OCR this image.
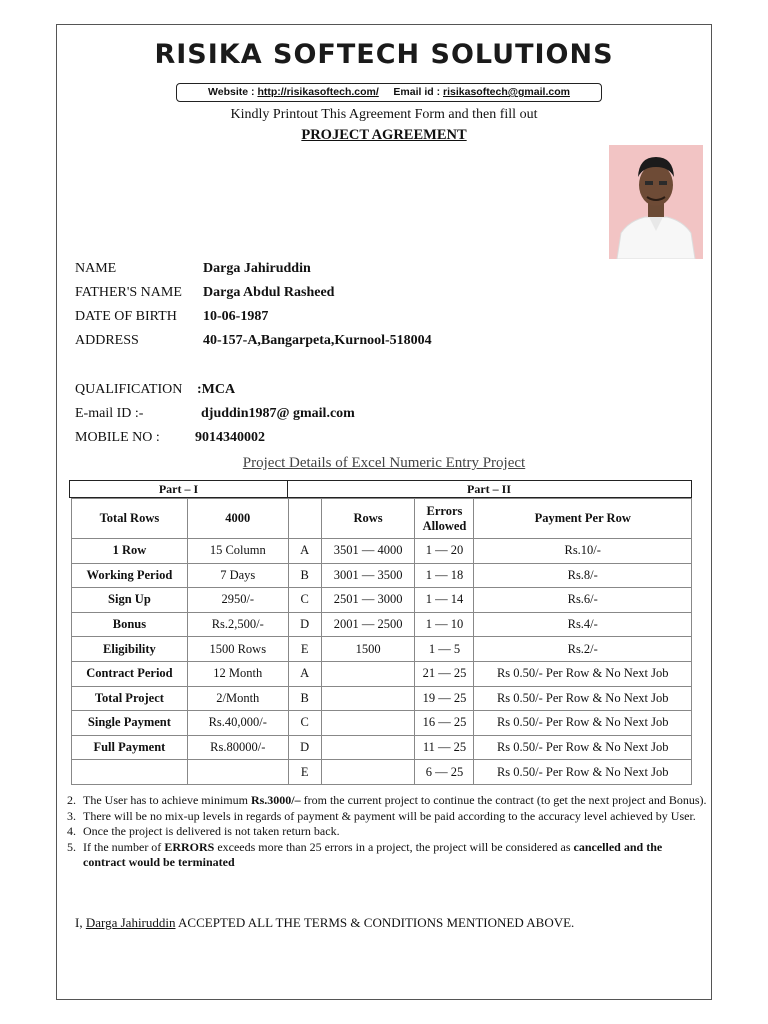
RISIKA SOFTECH SOLUTIONS
Website : http://risikasoftech.com/ Email id : risikasoftech@gmail.com
Kindly Printout This Agreement Form and then fill out
PROJECT AGREEMENT
NAME	Darga Jahiruddin
FATHER'S NAME Darga Abdul Rasheed
DATE OF BIRTH 10-06-1987
ADDRESS	40-157-A,Bangarpeta,Kurnool-518004
QUALIFICATION :MCA
E-mail ID :-	djuddin1987@ gmail.com
MOBILE NO :	9014340002
Project Details of Excel Numeric Entry Project
Part – I	Part – II
Total Rows	4000		Rows	Errors Allowed	Payment Per Row
1 Row	15 Column	A	3501 — 4000	1 — 20	Rs.10/-
Working Period	7 Days	B	3001 — 3500	1 — 18	Rs.8/-
Sign Up	2950/-	C	2501 — 3000	1 — 14	Rs.6/-
Bonus	Rs.2,500/-	D	2001 — 2500	1 — 10	Rs.4/-
Eligibility	1500 Rows	E	1500	1 — 5	Rs.2/-
Contract Period	12 Month	A		21 — 25	Rs 0.50/- Per Row & No Next Job
Total Project	2/Month	B		19 — 25	Rs 0.50/- Per Row & No Next Job
Single Payment	Rs.40,000/-	C		16 — 25	Rs 0.50/- Per Row & No Next Job
Full Payment	Rs.80000/-	D		11 — 25	Rs 0.50/- Per Row & No Next Job
		E		6 — 25	Rs 0.50/- Per Row & No Next Job
2. The User has to achieve minimum Rs.3000/– from the current project to continue the contract (to get the next project and Bonus).
3. There will be no mix-up levels in regards of payment & payment will be paid according to the accuracy level achieved by User.
4. Once the project is delivered is not taken return back.
5. If the number of ERRORS exceeds more than 25 errors in a project, the project will be considered as cancelled and the contract would be terminated
I, Darga Jahiruddin ACCEPTED ALL THE TERMS & CONDITIONS MENTIONED ABOVE.
